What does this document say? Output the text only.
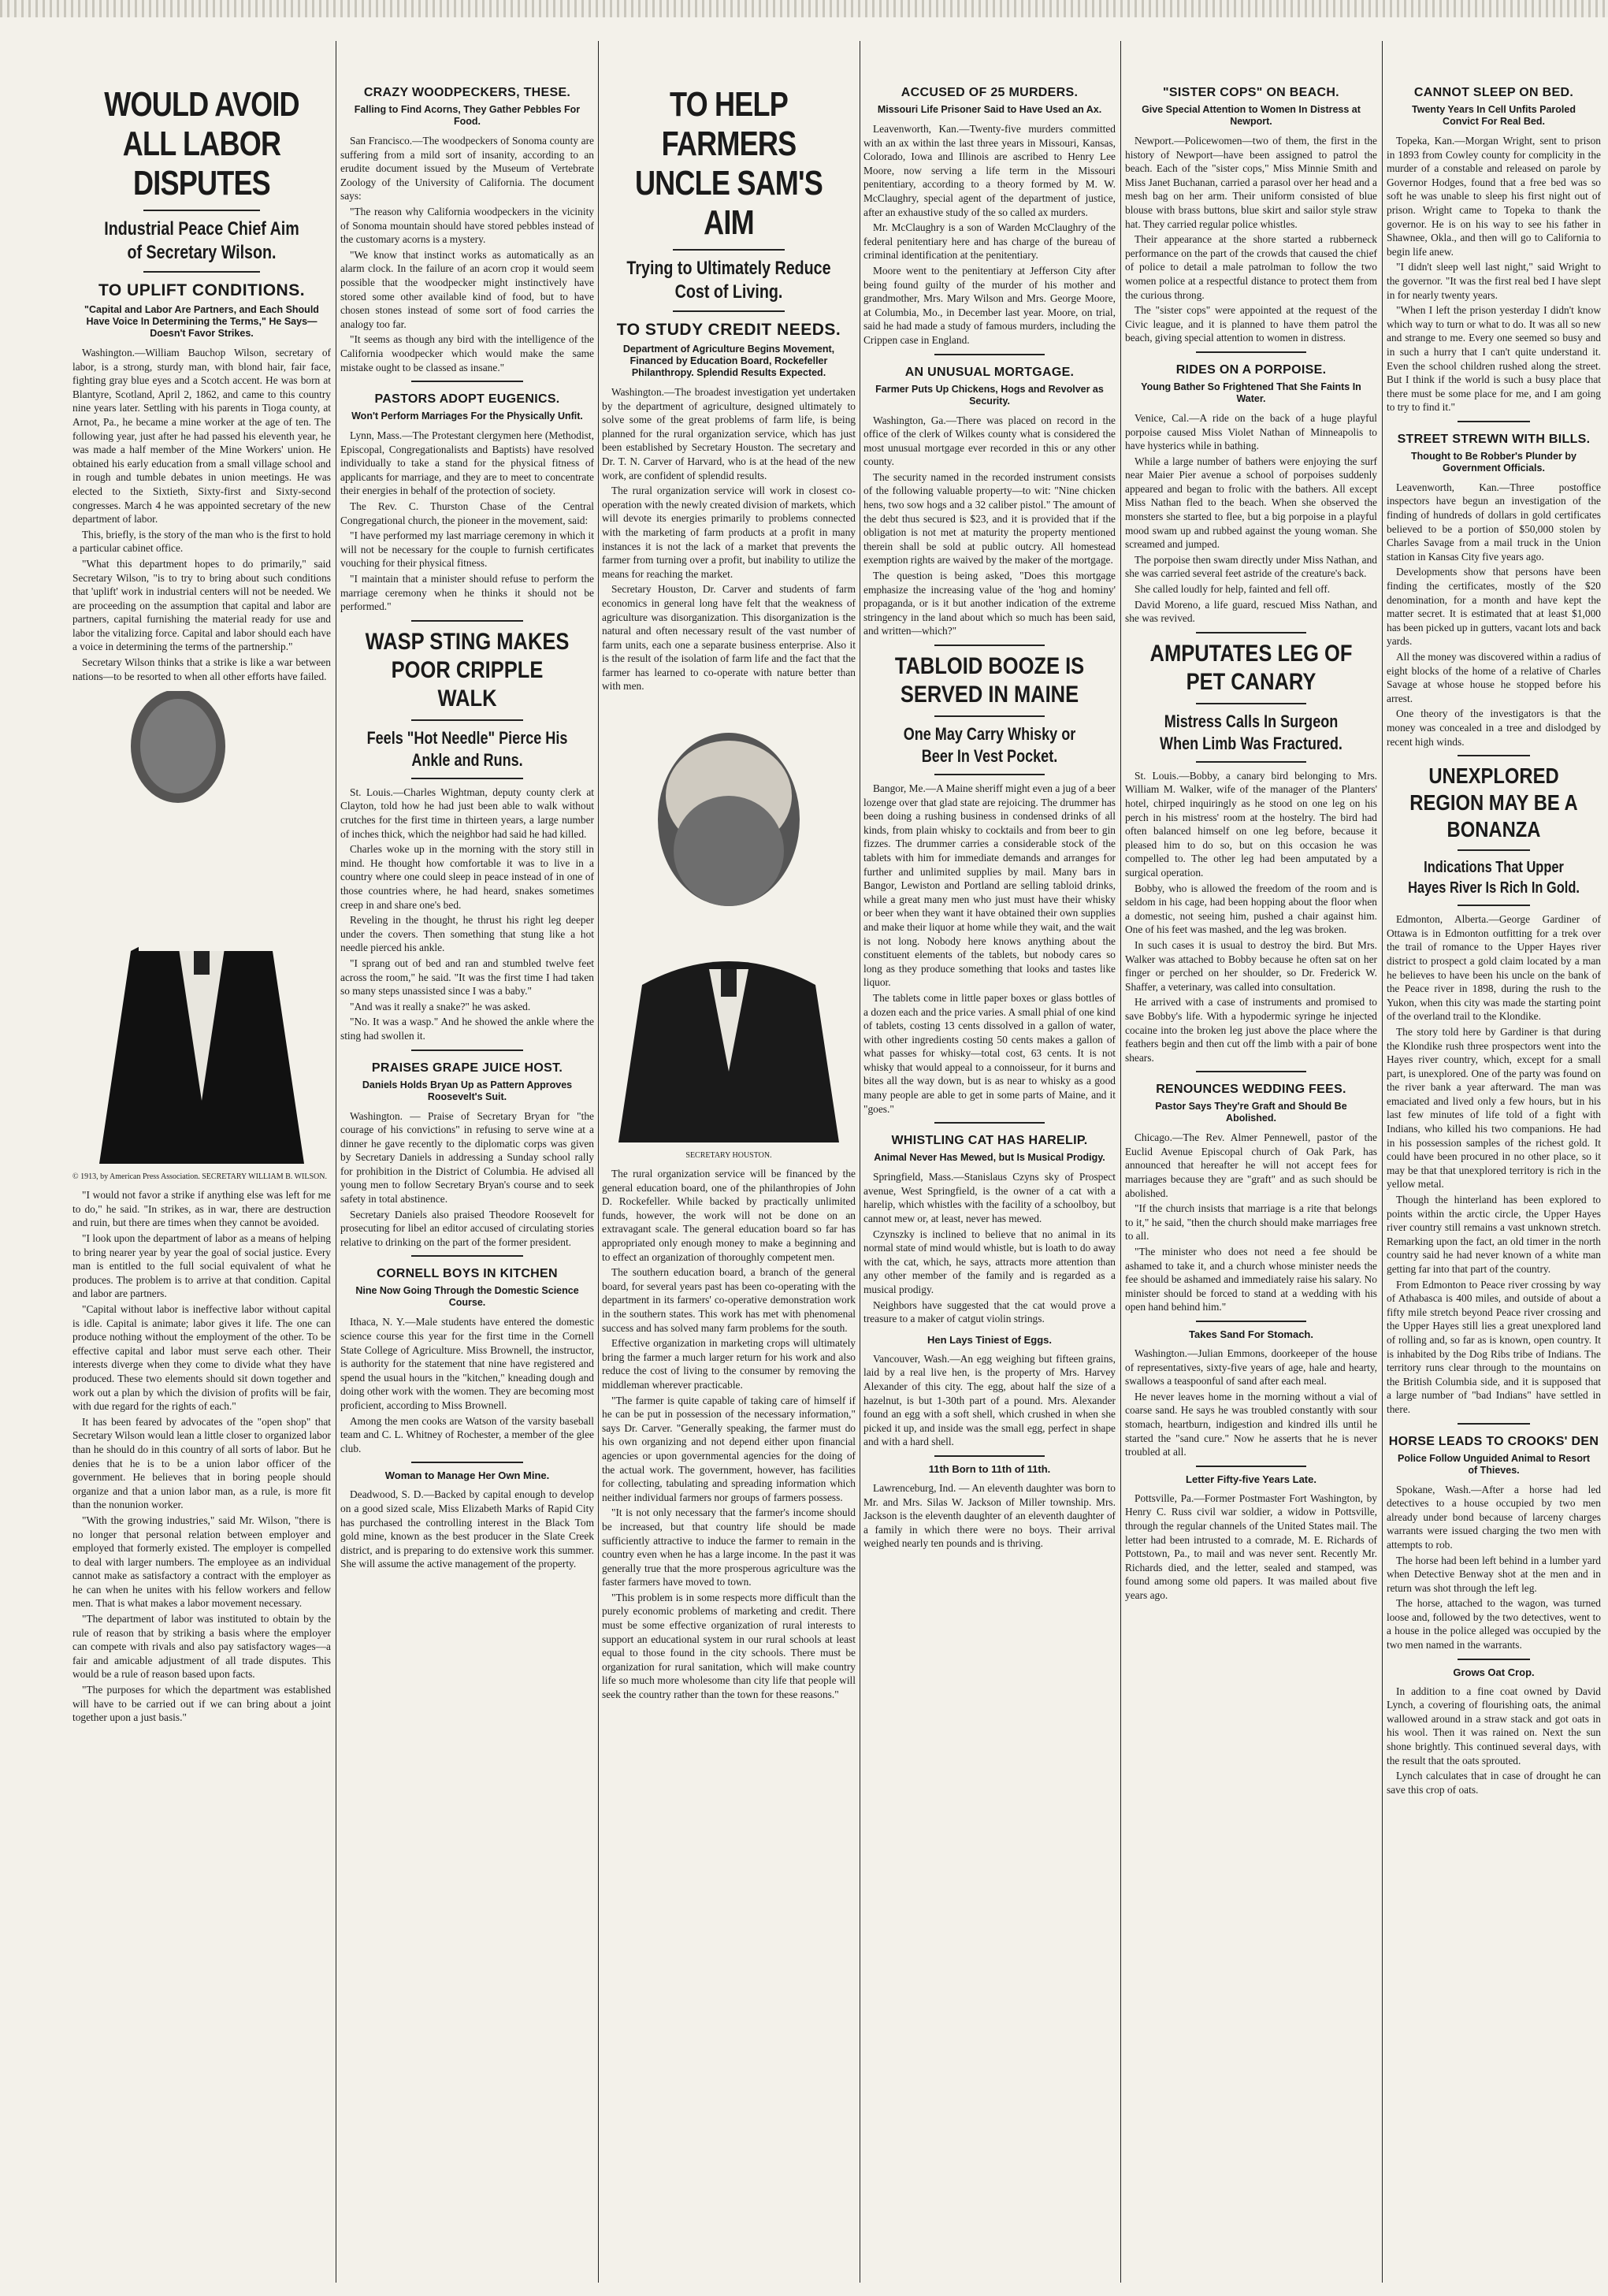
WOULD AVOID ALL LABOR DISPUTES
Industrial Peace Chief Aim of Secretary Wilson.
TO UPLIFT CONDITIONS.
"Capital and Labor Are Partners, and Each Should Have Voice In Determining the Terms," He Says—Doesn't Favor Strikes.

Washington.—William Bauchop Wilson, secretary of labor, is a strong, sturdy man, with blond hair, fair face, fighting gray blue eyes and a Scotch accent. He was born at Blantyre, Scotland, April 2, 1862, and came to this country nine years later. Settling with his parents in Tioga county, at Arnot, Pa., he became a mine worker at the age of ten. The following year, just after he had passed his eleventh year, he was made a half member of the Mine Workers' union. He obtained his early education from a small village school and in rough and tumble debates in union meetings. He was elected to the Sixtieth, Sixty-first and Sixty-second congresses. March 4 he was appointed secretary of the new department of labor.

This, briefly, is the story of the man who is the first to hold a particular cabinet office.

"What this department hopes to do primarily," said Secretary Wilson, "is to try to bring about such conditions that 'uplift' work in industrial centers will not be needed. We are proceeding on the assumption that capital and labor are partners, capital furnishing the material ready for use and labor the vitalizing force. Capital and labor should each have a voice in determining the terms of the partnership."

Secretary Wilson thinks that a strike is like a war between nations—to be resorted to when all other efforts have failed.

© 1913, by American Press Association. SECRETARY WILLIAM B. WILSON.

"I would not favor a strike if anything else was left for me to do," he said. "In strikes, as in war, there are destruction and ruin, but there are times when they cannot be avoided.

"I look upon the department of labor as a means of helping to bring nearer year by year the goal of social justice. Every man is entitled to the full social equivalent of what he produces. The problem is to arrive at that condition. Capital and labor are partners.

"Capital without labor is ineffective labor without capital is idle. Capital is animate; labor gives it life. The one can produce nothing without the employment of the other. To be effective capital and labor must serve each other. Their interests diverge when they come to divide what they have produced. These two elements should sit down together and work out a plan by which the division of profits will be fair, with due regard for the rights of each."

It has been feared by advocates of the "open shop" that Secretary Wilson would lean a little closer to organized labor than he should do in this country of all sorts of labor. But he denies that he is to be a union labor officer of the government. He believes that in boring people should organize and that a union labor man, as a rule, is more fit than the nonunion worker.

"With the growing industries," said Mr. Wilson, "there is no longer that personal relation between employer and employed that formerly existed. The employer is compelled to deal with larger numbers. The employee as an individual cannot make as satisfactory a contract with the employer as he can when he unites with his fellow workers and fellow men. That is what makes a labor movement necessary.

"The department of labor was instituted to obtain by the rule of reason that by striking a basis where the employer can compete with rivals and also pay satisfactory wages—a fair and amicable adjustment of all trade disputes. This would be a rule of reason based upon facts.

"The purposes for which the department was established will have to be carried out if we can bring about a joint together upon a just basis."

CRAZY WOODPECKERS, THESE.
Falling to Find Acorns, They Gather Pebbles For Food.

San Francisco.—The woodpeckers of Sonoma county are suffering from a mild sort of insanity, according to an erudite document issued by the Museum of Vertebrate Zoology of the University of California. The document says:

"The reason why California woodpeckers in the vicinity of Sonoma mountain should have stored pebbles instead of the customary acorns is a mystery.

"We know that instinct works as automatically as an alarm clock. In the failure of an acorn crop it would seem possible that the woodpecker might instinctively have stored some other available kind of food, but to have chosen stones instead of some sort of food carries the analogy too far.

"It seems as though any bird with the intelligence of the California woodpecker which would make the same mistake ought to be classed as insane."

PASTORS ADOPT EUGENICS.
Won't Perform Marriages For the Physically Unfit.

Lynn, Mass.—The Protestant clergymen here (Methodist, Episcopal, Congregationalists and Baptists) have resolved individually to take a stand for the physical fitness of applicants for marriage, and they are to meet to concentrate their energies in behalf of the protection of society.

The Rev. C. Thurston Chase of the Central Congregational church, the pioneer in the movement, said:

"I have performed my last marriage ceremony in which it will not be necessary for the couple to furnish certificates vouching for their physical fitness.

"I maintain that a minister should refuse to perform the marriage ceremony when he thinks it should not be performed."

WASP STING MAKES POOR CRIPPLE WALK
Feels "Hot Needle" Pierce His Ankle and Runs.

St. Louis.—Charles Wightman, deputy county clerk at Clayton, told how he had just been able to walk without crutches for the first time in thirteen years, a large number of inches thick, which the neighbor had said he had killed.

Charles woke up in the morning with the story still in mind. He thought how comfortable it was to live in a country where one could sleep in peace instead of in one of those countries where, he had heard, snakes sometimes creep in and share one's bed.

Reveling in the thought, he thrust his right leg deeper under the covers. Then something that stung like a hot needle pierced his ankle.

"I sprang out of bed and ran and stumbled twelve feet across the room," he said. "It was the first time I had taken so many steps unassisted since I was a baby."

"And was it really a snake?" he was asked.

"No. It was a wasp." And he showed the ankle where the sting had swollen it.

PRAISES GRAPE JUICE HOST.
Daniels Holds Bryan Up as Pattern Approves Roosevelt's Suit.

Washington. — Praise of Secretary Bryan for "the courage of his convictions" in refusing to serve wine at a dinner he gave recently to the diplomatic corps was given by Secretary Daniels in addressing a Sunday school rally for prohibition in the District of Columbia. He advised all young men to follow Secretary Bryan's course and to seek safety in total abstinence.

Secretary Daniels also praised Theodore Roosevelt for prosecuting for libel an editor accused of circulating stories relative to drinking on the part of the former president.

CORNELL BOYS IN KITCHEN
Nine Now Going Through the Domestic Science Course.

Ithaca, N. Y.—Male students have entered the domestic science course this year for the first time in the Cornell State College of Agriculture. Miss Brownell, the instructor, is authority for the statement that nine have registered and spend the usual hours in the "kitchen," kneading dough and doing other work with the women. They are becoming most proficient, according to Miss Brownell.

Among the men cooks are Watson of the varsity baseball team and C. L. Whitney of Rochester, a member of the glee club.

Woman to Manage Her Own Mine.

Deadwood, S. D.—Backed by capital enough to develop on a good sized scale, Miss Elizabeth Marks of Rapid City has purchased the controlling interest in the Black Tom gold mine, known as the best producer in the Slate Creek district, and is preparing to do extensive work this summer. She will assume the active management of the property.

TO HELP FARMERS UNCLE SAM'S AIM
Trying to Ultimately Reduce Cost of Living.
TO STUDY CREDIT NEEDS.
Department of Agriculture Begins Movement, Financed by Education Board, Rockefeller Philanthropy. Splendid Results Expected.

Washington.—The broadest investigation yet undertaken by the department of agriculture, designed ultimately to solve some of the great problems of farm life, is being planned for the rural organization service, which has just been established by Secretary Houston. The secretary and Dr. T. N. Carver of Harvard, who is at the head of the new work, are confident of splendid results.

The rural organization service will work in closest co-operation with the newly created division of markets, which will devote its energies primarily to problems connected with the marketing of farm products at a profit in many instances it is not the lack of a market that prevents the farmer from turning over a profit, but inability to utilize the means for reaching the market.

Secretary Houston, Dr. Carver and students of farm economics in general long have felt that the weakness of agriculture was disorganization. This disorganization is the natural and often necessary result of the vast number of farm units, each one a separate business enterprise. Also it is the result of the isolation of farm life and the fact that the farmer has learned to co-operate with nature better than with men.

SECRETARY HOUSTON.

The rural organization service will be financed by the general education board, one of the philanthropies of John D. Rockefeller. While backed by practically unlimited funds, however, the work will not be done on an extravagant scale. The general education board so far has appropriated only enough money to make a beginning and to effect an organization of thoroughly competent men.

The southern education board, a branch of the general board, for several years past has been co-operating with the department in its farmers' co-operative demonstration work in the southern states. This work has met with phenomenal success and has solved many farm problems for the south.

Effective organization in marketing crops will ultimately bring the farmer a much larger return for his work and also reduce the cost of living to the consumer by removing the middleman wherever practicable.

"The farmer is quite capable of taking care of himself if he can be put in possession of the necessary information," says Dr. Carver. "Generally speaking, the farmer must do his own organizing and not depend either upon financial agencies or upon governmental agencies for the doing of the actual work. The government, however, has facilities for collecting, tabulating and spreading information which neither individual farmers nor groups of farmers possess.

"It is not only necessary that the farmer's income should be increased, but that country life should be made sufficiently attractive to induce the farmer to remain in the country even when he has a large income. In the past it was generally true that the more prosperous agriculture was the faster farmers have moved to town.

"This problem is in some respects more difficult than the purely economic problems of marketing and credit. There must be some effective organization of rural interests to support an educational system in our rural schools at least equal to those found in the city schools. There must be organization for rural sanitation, which will make country life so much more wholesome than city life that people will seek the country rather than the town for these reasons."

ACCUSED OF 25 MURDERS.
Missouri Life Prisoner Said to Have Used an Ax.

Leavenworth, Kan.—Twenty-five murders committed with an ax within the last three years in Missouri, Kansas, Colorado, Iowa and Illinois are ascribed to Henry Lee Moore, now serving a life term in the Missouri penitentiary, according to a theory formed by M. W. McClaughry, special agent of the department of justice, after an exhaustive study of the so called ax murders.

Mr. McClaughry is a son of Warden McClaughry of the federal penitentiary here and has charge of the bureau of criminal identification at the penitentiary.

Moore went to the penitentiary at Jefferson City after being found guilty of the murder of his mother and grandmother, Mrs. Mary Wilson and Mrs. George Moore, at Columbia, Mo., in December last year. Moore, on trial, said he had made a study of famous murders, including the Crippen case in England.

AN UNUSUAL MORTGAGE.
Farmer Puts Up Chickens, Hogs and Revolver as Security.

Washington, Ga.—There was placed on record in the office of the clerk of Wilkes county what is considered the most unusual mortgage ever recorded in this or any other county.

The security named in the recorded instrument consists of the following valuable property—to wit: "Nine chicken hens, two sow hogs and a 32 caliber pistol." The amount of the debt thus secured is $23, and it is provided that if the obligation is not met at maturity the property mentioned therein shall be sold at public outcry. All homestead exemption rights are waived by the maker of the mortgage.

The question is being asked, "Does this mortgage emphasize the increasing value of the 'hog and hominy' propaganda, or is it but another indication of the extreme stringency in the land about which so much has been said, and written—which?"

TABLOID BOOZE IS SERVED IN MAINE
One May Carry Whisky or Beer In Vest Pocket.

Bangor, Me.—A Maine sheriff might even a jug of a beer lozenge over that glad state are rejoicing. The drummer has been doing a rushing business in condensed drinks of all kinds, from plain whisky to cocktails and from beer to gin fizzes. The drummer carries a considerable stock of the tablets with him for immediate demands and arranges for further and unlimited supplies by mail. Many bars in Bangor, Lewiston and Portland are selling tabloid drinks, while a great many men who just must have their whisky or beer when they want it have obtained their own supplies and make their liquor at home while they wait, and the wait is not long. Nobody here knows anything about the constituent elements of the tablets, but nobody cares so long as they produce something that looks and tastes like liquor.

The tablets come in little paper boxes or glass bottles of a dozen each and the price varies. A small phial of one kind of tablets, costing 13 cents dissolved in a gallon of water, with other ingredients costing 50 cents makes a gallon of what passes for whisky—total cost, 63 cents. It is not whisky that would appeal to a connoisseur, for it burns and bites all the way down, but is as near to whisky as a good many people are able to get in some parts of Maine, and it "goes."

WHISTLING CAT HAS HARELIP.
Animal Never Has Mewed, but Is Musical Prodigy.

Springfield, Mass.—Stanislaus Czyns sky of Prospect avenue, West Springfield, is the owner of a cat with a harelip, which whistles with the facility of a schoolboy, but cannot mew or, at least, never has mewed.

Czynszky is inclined to believe that no animal in its normal state of mind would whistle, but is loath to do away with the cat, which, he says, attracts more attention than any other member of the family and is regarded as a musical prodigy.

Neighbors have suggested that the cat would prove a treasure to a maker of catgut violin strings.

Hen Lays Tiniest of Eggs.

Vancouver, Wash.—An egg weighing but fifteen grains, laid by a real live hen, is the property of Mrs. Harvey Alexander of this city. The egg, about half the size of a hazelnut, is but 1-30th part of a pound. Mrs. Alexander found an egg with a soft shell, which crushed in when she picked it up, and inside was the small egg, perfect in shape and with a hard shell.

11th Born to 11th of 11th.

Lawrenceburg, Ind. — An eleventh daughter was born to Mr. and Mrs. Silas W. Jackson of Miller township. Mrs. Jackson is the eleventh daughter of an eleventh daughter of a family in which there were no boys. Their arrival weighed nearly ten pounds and is thriving.

"SISTER COPS" ON BEACH.
Give Special Attention to Women In Distress at Newport.

Newport.—Policewomen—two of them, the first in the history of Newport—have been assigned to patrol the beach. Each of the "sister cops," Miss Minnie Smith and Miss Janet Buchanan, carried a parasol over her head and a mesh bag on her arm. Their uniform consisted of blue blouse with brass buttons, blue skirt and sailor style straw hat. They carried regular police whistles.

Their appearance at the shore started a rubberneck performance on the part of the crowds that caused the chief of police to detail a male patrolman to follow the two women police at a respectful distance to protect them from the curious throng.

The "sister cops" were appointed at the request of the Civic league, and it is planned to have them patrol the beach, giving special attention to women in distress.

RIDES ON A PORPOISE.
Young Bather So Frightened That She Faints In Water.

Venice, Cal.—A ride on the back of a huge playful porpoise caused Miss Violet Nathan of Minneapolis to have hysterics while in bathing.

While a large number of bathers were enjoying the surf near Maier Pier avenue a school of porpoises suddenly appeared and began to frolic with the bathers. All except Miss Nathan fled to the beach. When she observed the monsters she started to flee, but a big porpoise in a playful mood swam up and rubbed against the young woman. She screamed and jumped.

The porpoise then swam directly under Miss Nathan, and she was carried several feet astride of the creature's back.

She called loudly for help, fainted and fell off.

David Moreno, a life guard, rescued Miss Nathan, and she was revived.

AMPUTATES LEG OF PET CANARY
Mistress Calls In Surgeon When Limb Was Fractured.

St. Louis.—Bobby, a canary bird belonging to Mrs. William M. Walker, wife of the manager of the Planters' hotel, chirped inquiringly as he stood on one leg on his perch in his mistress' room at the hostelry. The bird had often balanced himself on one leg before, because it pleased him to do so, but on this occasion he was compelled to. The other leg had been amputated by a surgical operation.

Bobby, who is allowed the freedom of the room and is seldom in his cage, had been hopping about the floor when a domestic, not seeing him, pushed a chair against him. One of his feet was mashed, and the leg was broken.

In such cases it is usual to destroy the bird. But Mrs. Walker was attached to Bobby because he often sat on her finger or perched on her shoulder, so Dr. Frederick W. Shaffer, a veterinary, was called into consultation.

He arrived with a case of instruments and promised to save Bobby's life. With a hypodermic syringe he injected cocaine into the broken leg just above the place where the feathers begin and then cut off the limb with a pair of bone shears.

RENOUNCES WEDDING FEES.
Pastor Says They're Graft and Should Be Abolished.

Chicago.—The Rev. Almer Pennewell, pastor of the Euclid Avenue Episcopal church of Oak Park, has announced that hereafter he will not accept fees for marriages because they are "graft" and as such should be abolished.

"If the church insists that marriage is a rite that belongs to it," he said, "then the church should make marriages free to all.

"The minister who does not need a fee should be ashamed to take it, and a church whose minister needs the fee should be ashamed and immediately raise his salary. No minister should be forced to stand at a wedding with his open hand behind him."

Takes Sand For Stomach.

Washington.—Julian Emmons, doorkeeper of the house of representatives, sixty-five years of age, hale and hearty, swallows a teaspoonful of sand after each meal.

He never leaves home in the morning without a vial of coarse sand. He says he was troubled constantly with sour stomach, heartburn, indigestion and kindred ills until he started the "sand cure." Now he asserts that he is never troubled at all.

Letter Fifty-five Years Late.

Pottsville, Pa.—Former Postmaster Fort Washington, by Henry C. Russ civil war soldier, a widow in Pottsville, through the regular channels of the United States mail. The letter had been intrusted to a comrade, M. E. Richards of Pottstown, Pa., to mail and was never sent. Recently Mr. Richards died, and the letter, sealed and stamped, was found among some old papers. It was mailed about five years ago.

CANNOT SLEEP ON BED.
Twenty Years In Cell Unfits Paroled Convict For Real Bed.

Topeka, Kan.—Morgan Wright, sent to prison in 1893 from Cowley county for complicity in the murder of a constable and released on parole by Governor Hodges, found that a free bed was so soft he was unable to sleep his first night out of prison. Wright came to Topeka to thank the governor. He is on his way to see his father in Shawnee, Okla., and then will go to California to begin life anew.

"I didn't sleep well last night," said Wright to the governor. "It was the first real bed I have slept in for nearly twenty years.

"When I left the prison yesterday I didn't know which way to turn or what to do. It was all so new and strange to me. Every one seemed so busy and in such a hurry that I can't quite understand it. Even the school children rushed along the street. But I think if the world is such a busy place that there must be some place for me, and I am going to try to find it."

STREET STREWN WITH BILLS.
Thought to Be Robber's Plunder by Government Officials.

Leavenworth, Kan.—Three postoffice inspectors have begun an investigation of the finding of hundreds of dollars in gold certificates believed to be a portion of $50,000 stolen by Charles Savage from a mail truck in the Union station in Kansas City five years ago.

Developments show that persons have been finding the certificates, mostly of the $20 denomination, for a month and have kept the matter secret. It is estimated that at least $1,000 has been picked up in gutters, vacant lots and back yards.

All the money was discovered within a radius of eight blocks of the home of a relative of Charles Savage at whose house he stopped before his arrest.

One theory of the investigators is that the money was concealed in a tree and dislodged by recent high winds.

UNEXPLORED REGION MAY BE A BONANZA
Indications That Upper Hayes River Is Rich In Gold.

Edmonton, Alberta.—George Gardiner of Ottawa is in Edmonton outfitting for a trek over the trail of romance to the Upper Hayes river district to prospect a gold claim located by a man he believes to have been his uncle on the bank of the Peace river in 1898, during the rush to the Yukon, when this city was made the starting point of the overland trail to the Klondike.

The story told here by Gardiner is that during the Klondike rush three prospectors went into the Hayes river country, which, except for a small part, is unexplored. One of the party was found on the river bank a year afterward. The man was emaciated and lived only a few hours, but in his last few minutes of life told of a fight with Indians, who killed his two companions. He had in his possession samples of the richest gold. It could have been procured in no other place, so it may be that that unexplored territory is rich in the yellow metal.

Though the hinterland has been explored to points within the arctic circle, the Upper Hayes river country still remains a vast unknown stretch. Remarking upon the fact, an old timer in the north country said he had never known of a white man getting far into that part of the country.

From Edmonton to Peace river crossing by way of Athabasca is 400 miles, and outside of about a fifty mile stretch beyond Peace river crossing and the Upper Hayes still lies a great unexplored land of rolling and, so far as is known, open country. It is inhabited by the Dog Ribs tribe of Indians. The territory runs clear through to the mountains on the British Columbia side, and it is supposed that a large number of "bad Indians" have settled in there.

HORSE LEADS TO CROOKS' DEN
Police Follow Unguided Animal to Resort of Thieves.

Spokane, Wash.—After a horse had led detectives to a house occupied by two men already under bond because of larceny charges warrants were issued charging the two men with attempts to rob.

The horse had been left behind in a lumber yard when Detective Benway shot at the men and in return was shot through the left leg.

The horse, attached to the wagon, was turned loose and, followed by the two detectives, went to a house in the police alleged was occupied by the two men named in the warrants.

Grows Oat Crop.

In addition to a fine coat owned by David Lynch, a covering of flourishing oats, the animal wallowed around in a straw stack and got oats in his wool. Then it was rained on. Next the sun shone brightly. This continued several days, with the result that the oats sprouted.

Lynch calculates that in case of drought he can save this crop of oats.
